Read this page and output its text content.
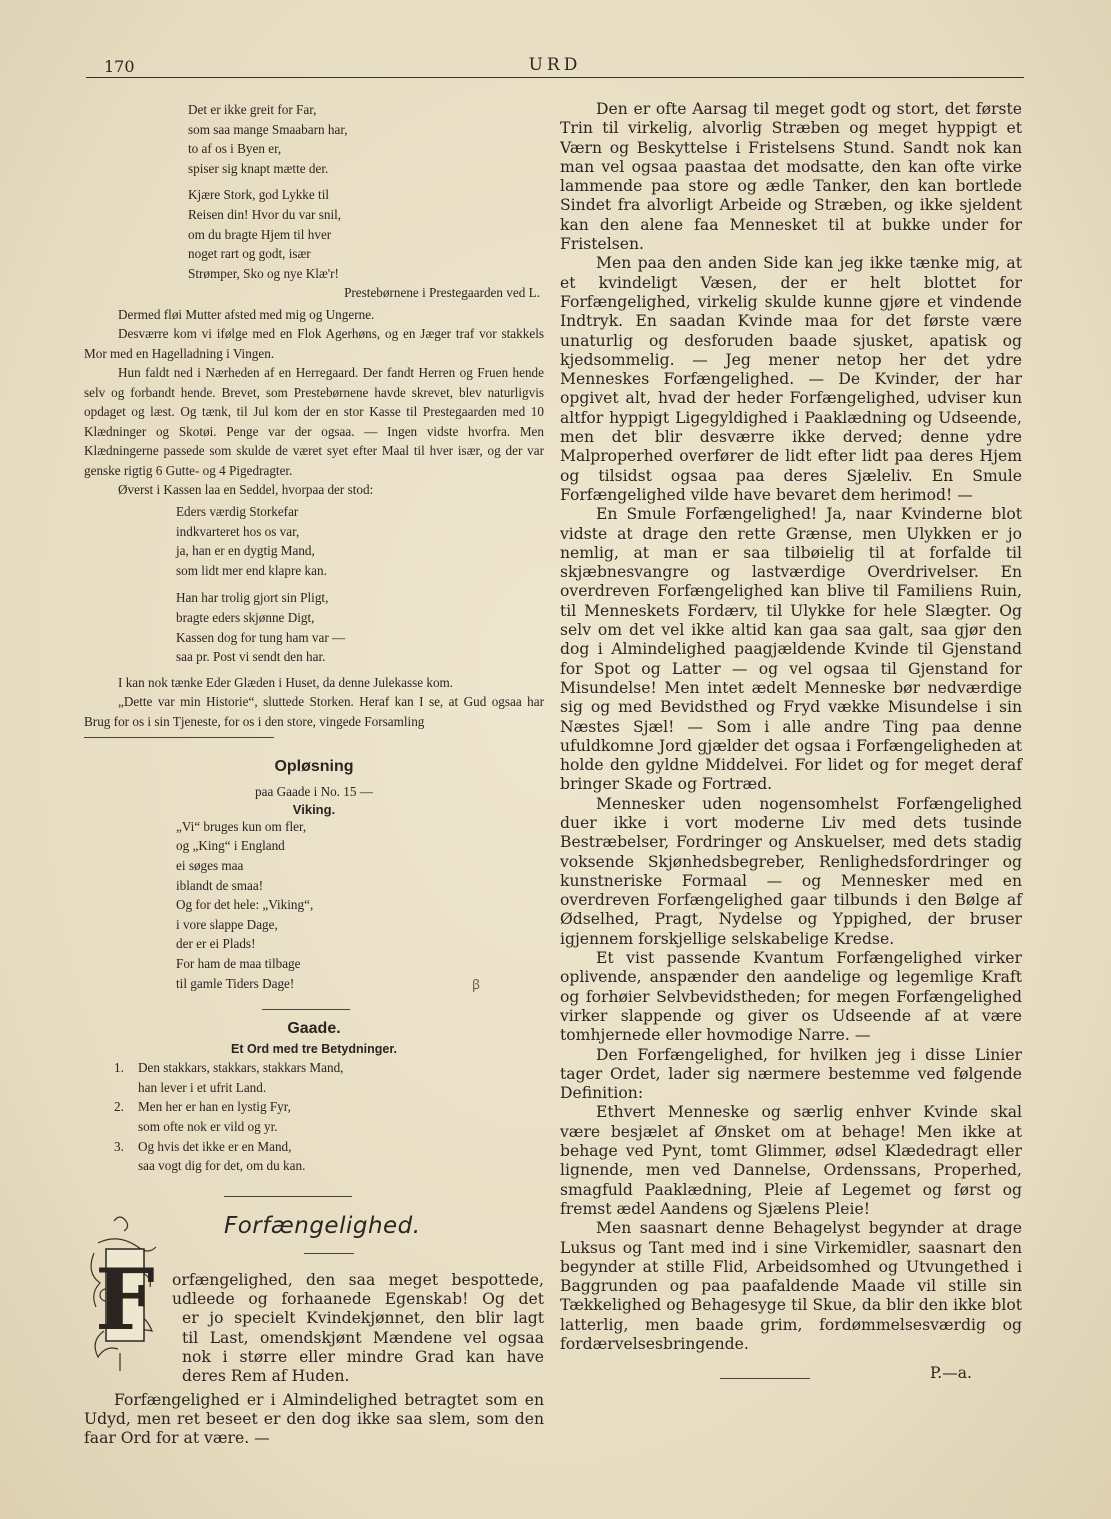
170	URD
Det er ikke greit for Far,
som saa mange Smaabarn har,
to af os i Byen er,
spiser sig knapt mætte der.
Kjære Stork, god Lykke til
Reisen din! Hvor du var snil,
om du bragte Hjem til hver
noget rart og godt, især
Strømper, Sko og nye Klæ'r!
Prestebørnene i Prestegaarden ved L.

Dermed fløi Mutter afsted med mig og Ungerne.

Desværre kom vi ifølge med en Flok Agerhøns, og en Jæger traf vor stakkels Mor med en Hagelladning i Vingen.

Hun faldt ned i Nærheden af en Herregaard. Der fandt Herren og Fruen hende selv og forbandt hende. Brevet, som Prestebørnene havde skrevet, blev naturligvis opdaget og læst. Og tænk, til Jul kom der en stor Kasse til Prestegaarden med 10 Klædninger og Skotøi. Penge var der ogsaa. — Ingen vidste hvorfra. Men Klædningerne passede som skulde de været syet efter Maal til hver især, og der var genske rigtig 6 Gutte- og 4 Pigedragter.

Øverst i Kassen laa en Seddel, hvorpaa der stod:

Eders værdig Storkefar
indkvarteret hos os var,
ja, han er en dygtig Mand,
som lidt mer end klapre kan.
Han har trolig gjort sin Pligt,
bragte eders skjønne Digt,
Kassen dog for tung ham var —
saa pr. Post vi sendt den har.

I kan nok tænke Eder Glæden i Huset, da denne Julekasse kom.

„Dette var min Historie“, sluttede Storken. Heraf kan I se, at Gud ogsaa har Brug for os i sin Tjeneste, for os i den store, vingede Forsamling

Opløsning
paa Gaade i No. 15 —
Viking.
„Vi“ bruges kun om fler,
og „King“ i England
ei søges maa
iblandt de smaa!
Og for det hele: „Viking“,
i vore slappe Dage,
der er ei Plads!
For ham de maa tilbage
til gamle Tiders Dage!	ꞵ
Gaade.
Et Ord med tre Betydninger.
1. Den stakkars, stakkars, stakkars Mand,
han lever i et ufrit Land.
2. Men her er han en lystig Fyr,
som ofte nok er vild og yr.
3. Og hvis det ikke er en Mand,
saa vogt dig for det, om du kan.
Forfængelighed.
F orfængelighed, den saa meget bespottede,
udleede og forhaanede Egenskab! Og det
er jo specielt Kvindekjønnet, den blir lagt
til Last, omendskjønt Mændene vel ogsaa
nok i større eller mindre Grad kan have
deres Rem af Huden.
Forfængelighed er i Almindelighed betragtet som en Udyd, men ret beseet er den dog ikke saa slem, som den faar Ord for at være. —

Den er ofte Aarsag til meget godt og stort, det første Trin til virkelig, alvorlig Stræben og meget hyppigt et Værn og Beskyttelse i Fristelsens Stund. Sandt nok kan man vel ogsaa paastaa det modsatte, den kan ofte virke lammende paa store og ædle Tanker, den kan bortlede Sindet fra alvorligt Arbeide og Stræben, og ikke sjeldent kan den alene faa Mennesket til at bukke under for Fristelsen.

Men paa den anden Side kan jeg ikke tænke mig, at et kvindeligt Væsen, der er helt blottet for Forfængelighed, virkelig skulde kunne gjøre et vindende Indtryk. En saadan Kvinde maa for det første være unaturlig og desforuden baade sjusket, apatisk og kjedsommelig. — Jeg mener netop her det ydre Menneskes Forfængelighed. — De Kvinder, der har opgivet alt, hvad der heder Forfængelighed, udviser kun altfor hyppigt Ligegyldighed i Paaklædning og Udseende, men det blir desværre ikke derved; denne ydre Malproperhed overfører de lidt efter lidt paa deres Hjem og tilsidst ogsaa paa deres Sjæleliv. En Smule Forfængelighed vilde have bevaret dem herimod! —

En Smule Forfængelighed! Ja, naar Kvinderne blot vidste at drage den rette Grænse, men Ulykken er jo nemlig, at man er saa tilbøielig til at forfalde til skjæbnesvangre og lastværdige Overdrivelser. En overdreven Forfængelighed kan blive til Familiens Ruin, til Menneskets Fordærv, til Ulykke for hele Slægter. Og selv om det vel ikke altid kan gaa saa galt, saa gjør den dog i Almindelighed paagjældende Kvinde til Gjenstand for Spot og Latter — og vel ogsaa til Gjenstand for Misundelse! Men intet ædelt Menneske bør nedværdige sig og med Bevidsthed og Fryd vække Misundelse i sin Næstes Sjæl! — Som i alle andre Ting paa denne ufuldkomne Jord gjælder det ogsaa i Forfængeligheden at holde den gyldne Middelvei. For lidet og for meget deraf bringer Skade og Fortræd.

Mennesker uden nogensomhelst Forfængelighed duer ikke i vort moderne Liv med dets tusinde Bestræbelser, Fordringer og Anskuelser, med dets stadig voksende Skjønhedsbegreber, Renlighedsfordringer og kunstneriske Formaal — og Mennesker med en overdreven Forfængelighed gaar tilbunds i den Bølge af Ødselhed, Pragt, Nydelse og Yppighed, der bruser igjennem forskjellige selskabelige Kredse.

Et vist passende Kvantum Forfængelighed virker oplivende, anspænder den aandelige og legemlige Kraft og forhøier Selvbevidstheden; for megen Forfængelighed virker slappende og giver os Udseende af at være tomhjernede eller hovmodige Narre. —

Den Forfængelighed, for hvilken jeg i disse Linier tager Ordet, lader sig nærmere bestemme ved følgende Definition:

Ethvert Menneske og særlig enhver Kvinde skal være besjælet af Ønsket om at behage! Men ikke at behage ved Pynt, tomt Glimmer, ødsel Klædedragt eller lignende, men ved Dannelse, Ordenssans, Properhed, smagfuld Paaklædning, Pleie af Legemet og først og fremst ædel Aandens og Sjælens Pleie!

Men saasnart denne Behagelyst begynder at drage Luksus og Tant med ind i sine Virkemidler, saasnart den begynder at stille Flid, Arbeidsomhed og Utvungethed i Baggrunden og paa paafaldende Maade vil stille sin Tækkelighed og Behagesyge til Skue, da blir den ikke blot latterlig, men baade grim, fordømmelsesværdig og fordærvelsesbringende.

P.—a.
